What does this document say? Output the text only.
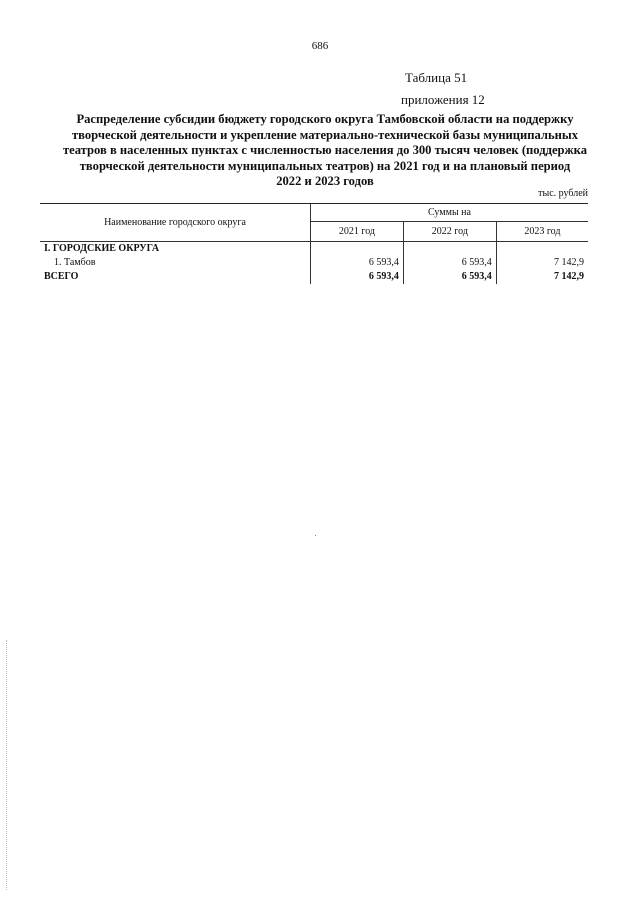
686
Таблица 51
приложения 12
Распределение субсидии бюджету городского округа Тамбовской области на поддержку
творческой деятельности и укрепление материально-технической базы муниципальных
театров в населенных пунктах с численностью населения до 300 тысяч человек (поддержка
творческой деятельности муниципальных театров) на 2021 год и на плановый период
2022 и 2023 годов
тыс. рублей
Наименование городского округа	Суммы на		
	2021 год	2022 год	2023 год
I. ГОРОДСКИЕ ОКРУГА			
1. Тамбов	6 593,4	6 593,4	7 142,9
ВСЕГО	6 593,4	6 593,4	7 142,9
